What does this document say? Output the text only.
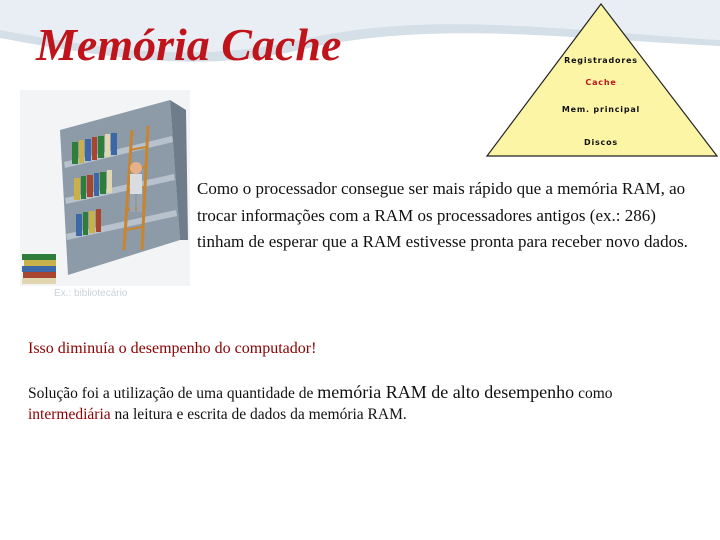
Memória Cache	Registradores
Cache
Mem. principal
Discos
Ex.: bibliotecário

Como o processador consegue ser mais rápido que a memória RAM, ao trocar informações com a RAM os processadores antigos (ex.: 286) tinham de esperar que a RAM estivesse pronta para receber novo dados.

Isso diminuía o desempenho do computador!

Solução foi a utilização de uma quantidade de memória RAM de alto desempenho como intermediária na leitura e escrita de dados da memória RAM.
